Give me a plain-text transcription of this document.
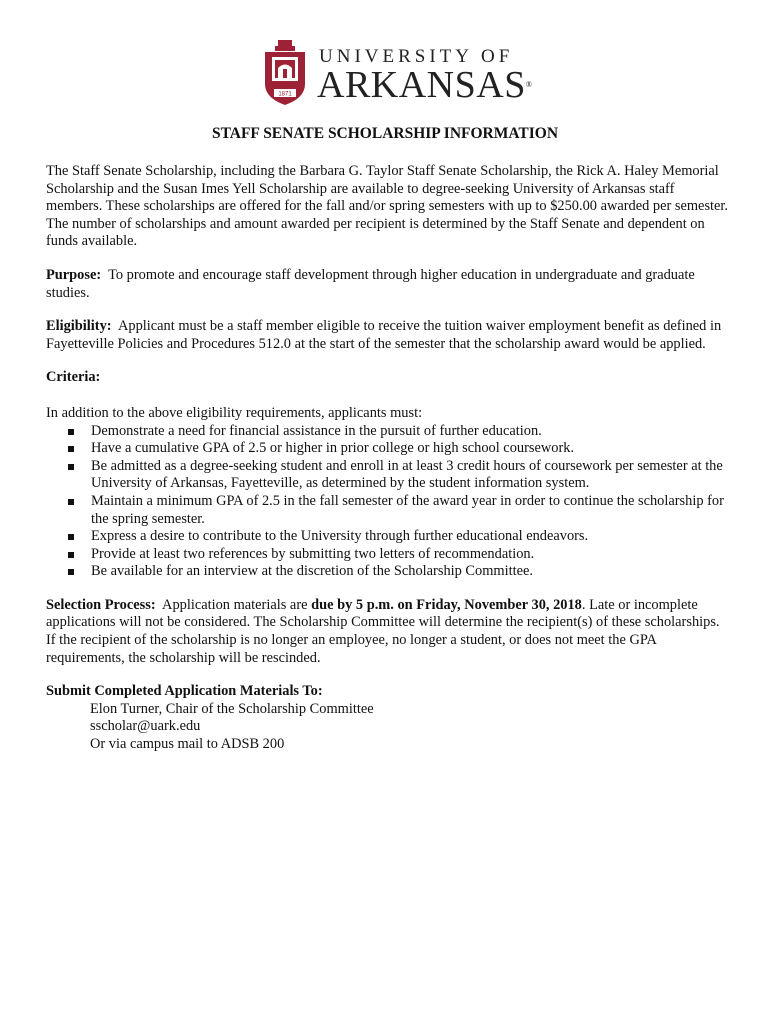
1871
UNIVERSITY OF
ARKANSAS®
STAFF SENATE SCHOLARSHIP INFORMATION

The Staff Senate Scholarship, including the Barbara G. Taylor Staff Senate Scholarship, the Rick A. Haley Memorial Scholarship and the Susan Imes Yell Scholarship are available to degree-seeking University of Arkansas staff members. These scholarships are offered for the fall and/or spring semesters with up to $250.00 awarded per semester. The number of scholarships and amount awarded per recipient is determined by the Staff Senate and dependent on funds available.

Purpose: To promote and encourage staff development through higher education in undergraduate and graduate studies.

Eligibility: Applicant must be a staff member eligible to receive the tuition waiver employment benefit as defined in Fayetteville Policies and Procedures 512.0 at the start of the semester that the scholarship award would be applied.

Criteria:
In addition to the above eligibility requirements, applicants must:
Demonstrate a need for financial assistance in the pursuit of further education.
Have a cumulative GPA of 2.5 or higher in prior college or high school coursework.
Be admitted as a degree-seeking student and enroll in at least 3 credit hours of coursework per semester at the University of Arkansas, Fayetteville, as determined by the student information system.
Maintain a minimum GPA of 2.5 in the fall semester of the award year in order to continue the scholarship for the spring semester.
Express a desire to contribute to the University through further educational endeavors.
Provide at least two references by submitting two letters of recommendation.
Be available for an interview at the discretion of the Scholarship Committee.

Selection Process: Application materials are due by 5 p.m. on Friday, November 30, 2018. Late or incomplete applications will not be considered. The Scholarship Committee will determine the recipient(s) of these scholarships. If the recipient of the scholarship is no longer an employee, no longer a student, or does not meet the GPA requirements, the scholarship will be rescinded.

Submit Completed Application Materials To:
Elon Turner, Chair of the Scholarship Committee
sscholar@uark.edu
Or via campus mail to ADSB 200
